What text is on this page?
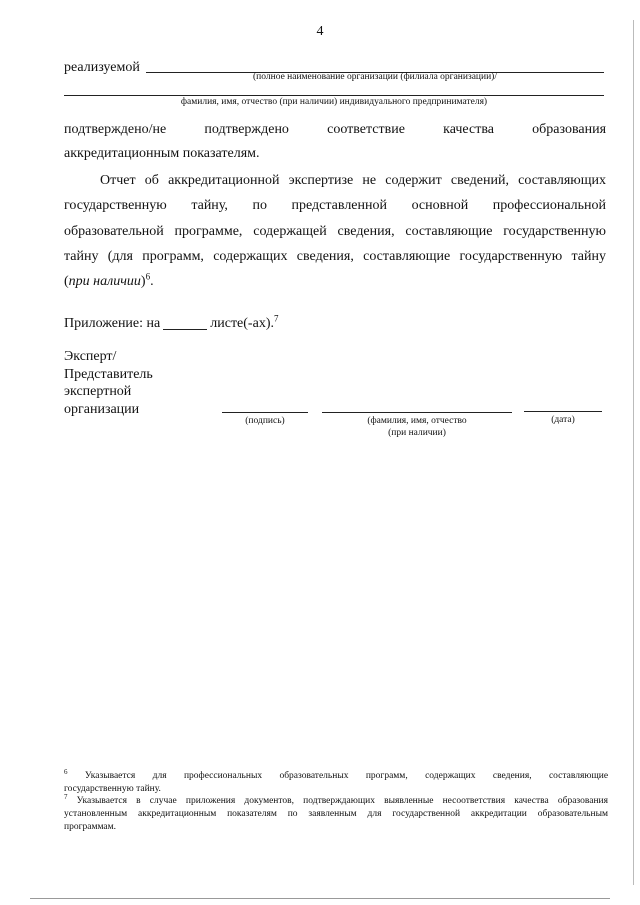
4
реализуемой
(полное наименование организации (филиала организации)/
фамилия, имя, отчество (при наличии) индивидуального предпринимателя)
подтверждено/не	подтверждено	соответствие	качества	образования
аккредитационным показателям.
Отчет об аккредитационной экспертизе не содержит сведений, составляющих
государственную тайну, по представленной основной профессиональной
образовательной программе, содержащей сведения, составляющие государственную
тайну (для программ, содержащих сведения, составляющие государственную тайну
(при наличии)$^6$.
Приложение: на	листе(-ах).$^7$
Эксперт/
Представитель
экспертной
организации
(подпись)	(фамилия, имя, отчество
(при наличии)
(дата)
$^6$ Указывается для профессиональных образовательных программ, содержащих сведения, составляющие
государственную тайну.
$^7$ Указывается в случае приложения документов, подтверждающих выявленные несоответствия качества образования
установленным аккредитационным показателям по заявленным для государственной аккредитации образовательным
программам.
